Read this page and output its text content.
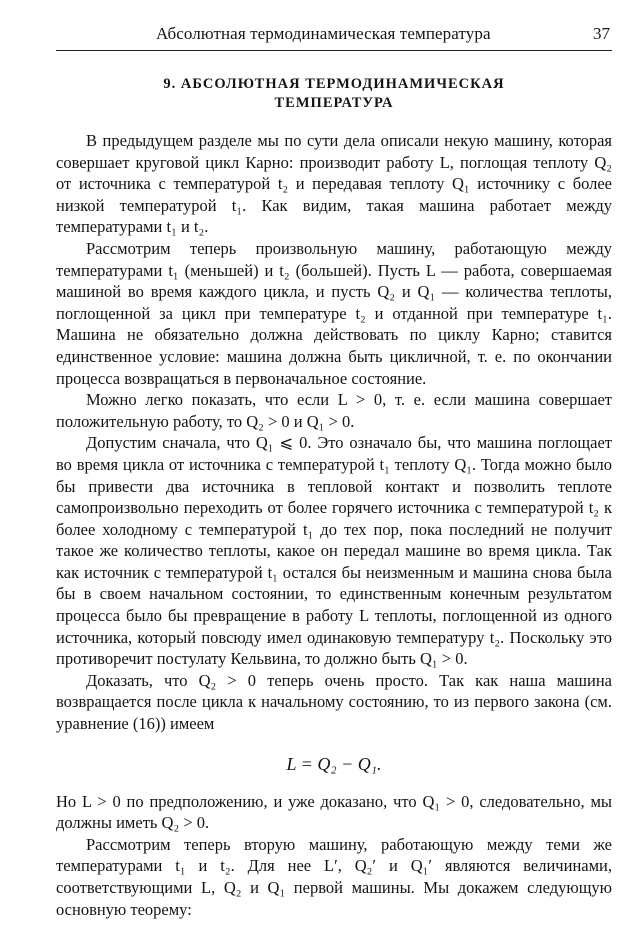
Абсолютная термодинамическая температура	37
9. АБСОЛЮТНАЯ ТЕРМОДИНАМИЧЕСКАЯ
ТЕМПЕРАТУРА

В предыдущем разделе мы по сути дела описали некую машину, которая совершает круговой цикл Карно: производит работу L, поглощая теплоту Q₂ от источника с температурой t₂ и передавая теплоту Q₁ источнику с более низкой температурой t₁. Как видим, такая машина работает между температурами t₁ и t₂.

Рассмотрим теперь произвольную машину, работающую между температурами t₁ (меньшей) и t₂ (большей). Пусть L — работа, совершаемая машиной во время каждого цикла, и пусть Q₂ и Q₁ — количества теплоты, поглощенной за цикл при температуре t₂ и отданной при температуре t₁. Машина не обязательно должна действовать по циклу Карно; ставится единственное условие: машина должна быть цикличной, т. е. по окончании процесса возвращаться в первоначальное состояние.

Можно легко показать, что если L > 0, т. е. если машина совершает положительную работу, то Q₂ > 0 и Q₁ > 0.

Допустим сначала, что Q₁ ⩽ 0. Это означало бы, что машина поглощает во время цикла от источника с температурой t₁ теплоту Q₁. Тогда можно было бы привести два источника в тепловой контакт и позволить теплоте самопроизвольно переходить от более горячего источника с температурой t₂ к более холодному с температурой t₁ до тех пор, пока последний не получит такое же количество теплоты, какое он передал машине во время цикла. Так как источник с температурой t₁ остался бы неизменным и машина снова была бы в своем начальном состоянии, то единственным конечным результатом процесса было бы превращение в работу L теплоты, поглощенной из одного источника, который повсюду имел одинаковую температуру t₂. Поскольку это противоречит постулату Кельвина, то должно быть Q₁ > 0.

Доказать, что Q₂ > 0 теперь очень просто. Так как наша машина возвращается после цикла к начальному состоянию, то из первого закона (см. уравнение (16)) имеем

L = Q₂ − Q₁.

Но L > 0 по предположению, и уже доказано, что Q₁ > 0, следовательно, мы должны иметь Q₂ > 0.

Рассмотрим теперь вторую машину, работающую между теми же температурами t₁ и t₂. Для нее L′, Q₂′ и Q₁′ являются величинами, соответствующими L, Q₂ и Q₁ первой машины. Мы докажем следующую основную теорему:
